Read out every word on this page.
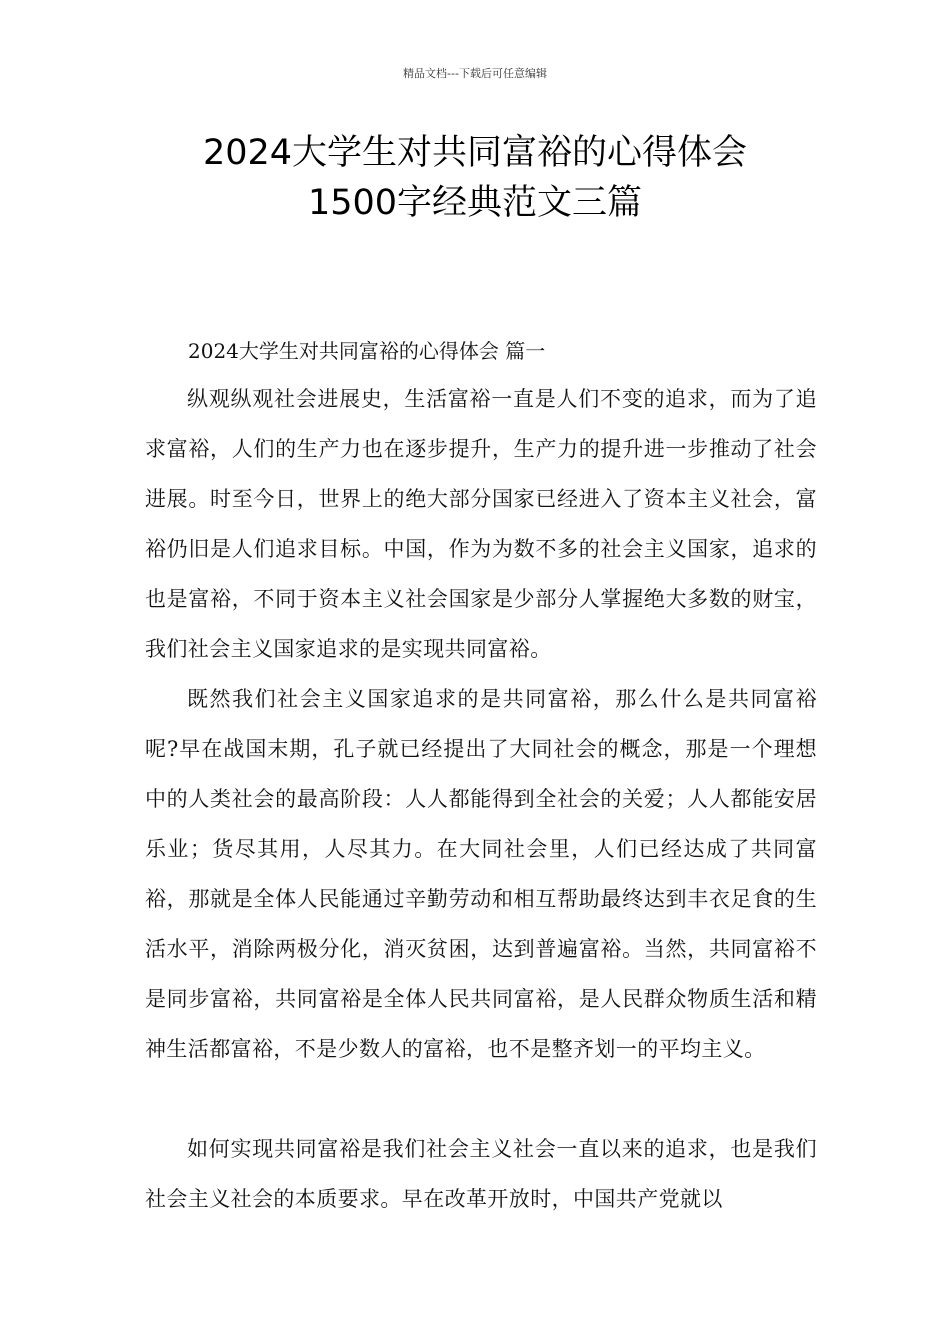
精品文档---下载后可任意编辑
2024大学生对共同富裕的心得体会
1500字经典范文三篇
2024大学生对共同富裕的心得体会 篇一

纵观纵观社会进展史，生活富裕一直是人们不变的追求，而为了追求富裕，人们的生产力也在逐步提升，生产力的提升进一步推动了社会进展。时至今日，世界上的绝大部分国家已经进入了资本主义社会，富裕仍旧是人们追求目标。中国，作为为数不多的社会主义国家，追求的也是富裕，不同于资本主义社会国家是少部分人掌握绝大多数的财宝，我们社会主义国家追求的是实现共同富裕。

既然我们社会主义国家追求的是共同富裕，那么什么是共同富裕呢?早在战国末期，孔子就已经提出了大同社会的概念，那是一个理想中的人类社会的最高阶段：人人都能得到全社会的关爱；人人都能安居乐业；货尽其用，人尽其力。在大同社会里，人们已经达成了共同富裕，那就是全体人民能通过辛勤劳动和相互帮助最终达到丰衣足食的生活水平，消除两极分化，消灭贫困，达到普遍富裕。当然，共同富裕不是同步富裕，共同富裕是全体人民共同富裕，是人民群众物质生活和精神生活都富裕，不是少数人的富裕，也不是整齐划一的平均主义。

如何实现共同富裕是我们社会主义社会一直以来的追求，也是我们社会主义社会的本质要求。早在改革开放时，中国共产党就以
